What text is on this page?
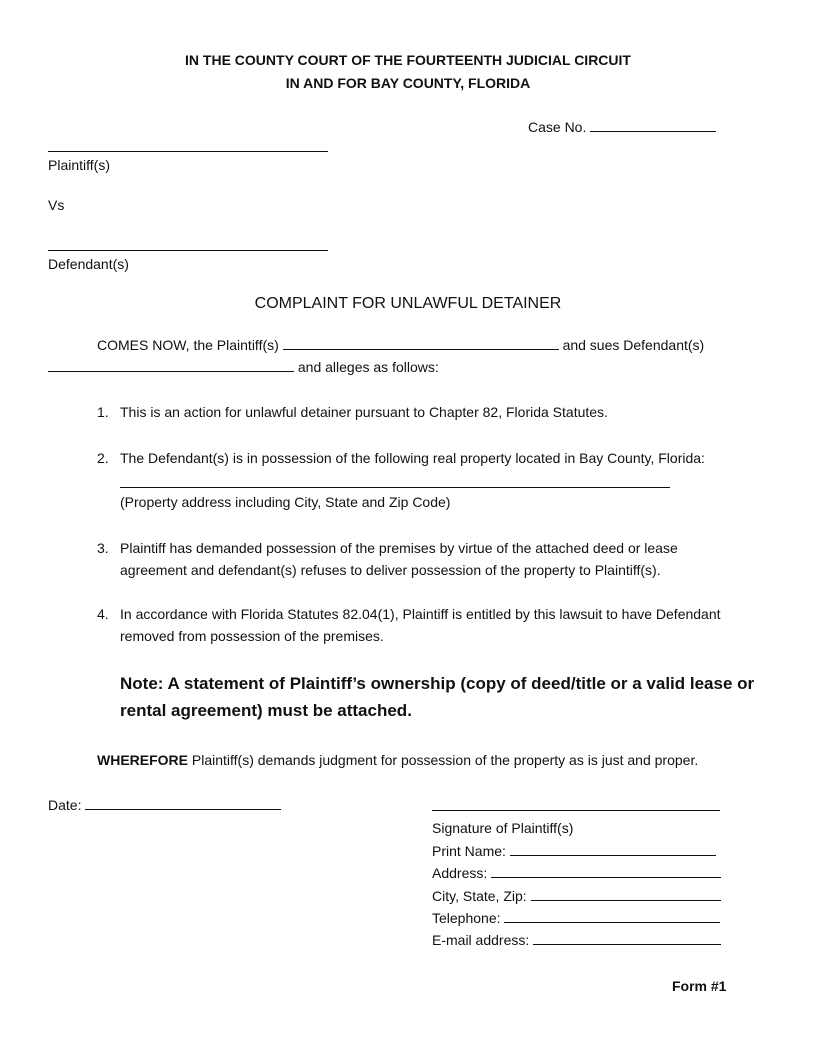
IN THE COUNTY COURT OF THE FOURTEENTH JUDICIAL CIRCUIT
IN AND FOR BAY COUNTY, FLORIDA
Case No.
Plaintiff(s)
Vs
Defendant(s)
COMPLAINT FOR UNLAWFUL DETAINER
COMES NOW, the Plaintiff(s)	and sues Defendant(s)
and alleges as follows:
1. This is an action for unlawful detainer pursuant to Chapter 82, Florida Statutes.
2. The Defendant(s) is in possession of the following real property located in Bay County, Florida:
(Property address including City, State and Zip Code)
3. Plaintiff has demanded possession of the premises by virtue of the attached deed or lease
agreement and defendant(s) refuses to deliver possession of the property to Plaintiff(s).
4. In accordance with Florida Statutes 82.04(1), Plaintiff is entitled by this lawsuit to have Defendant
removed from possession of the premises.
Note: A statement of Plaintiff’s ownership (copy of deed/title or a valid lease or
rental agreement) must be attached.
WHEREFORE Plaintiff(s) demands judgment for possession of the property as is just and proper.
Date:
Signature of Plaintiff(s)
Print Name:
Address:
City, State, Zip:
Telephone:
E-mail address:
Form #1
